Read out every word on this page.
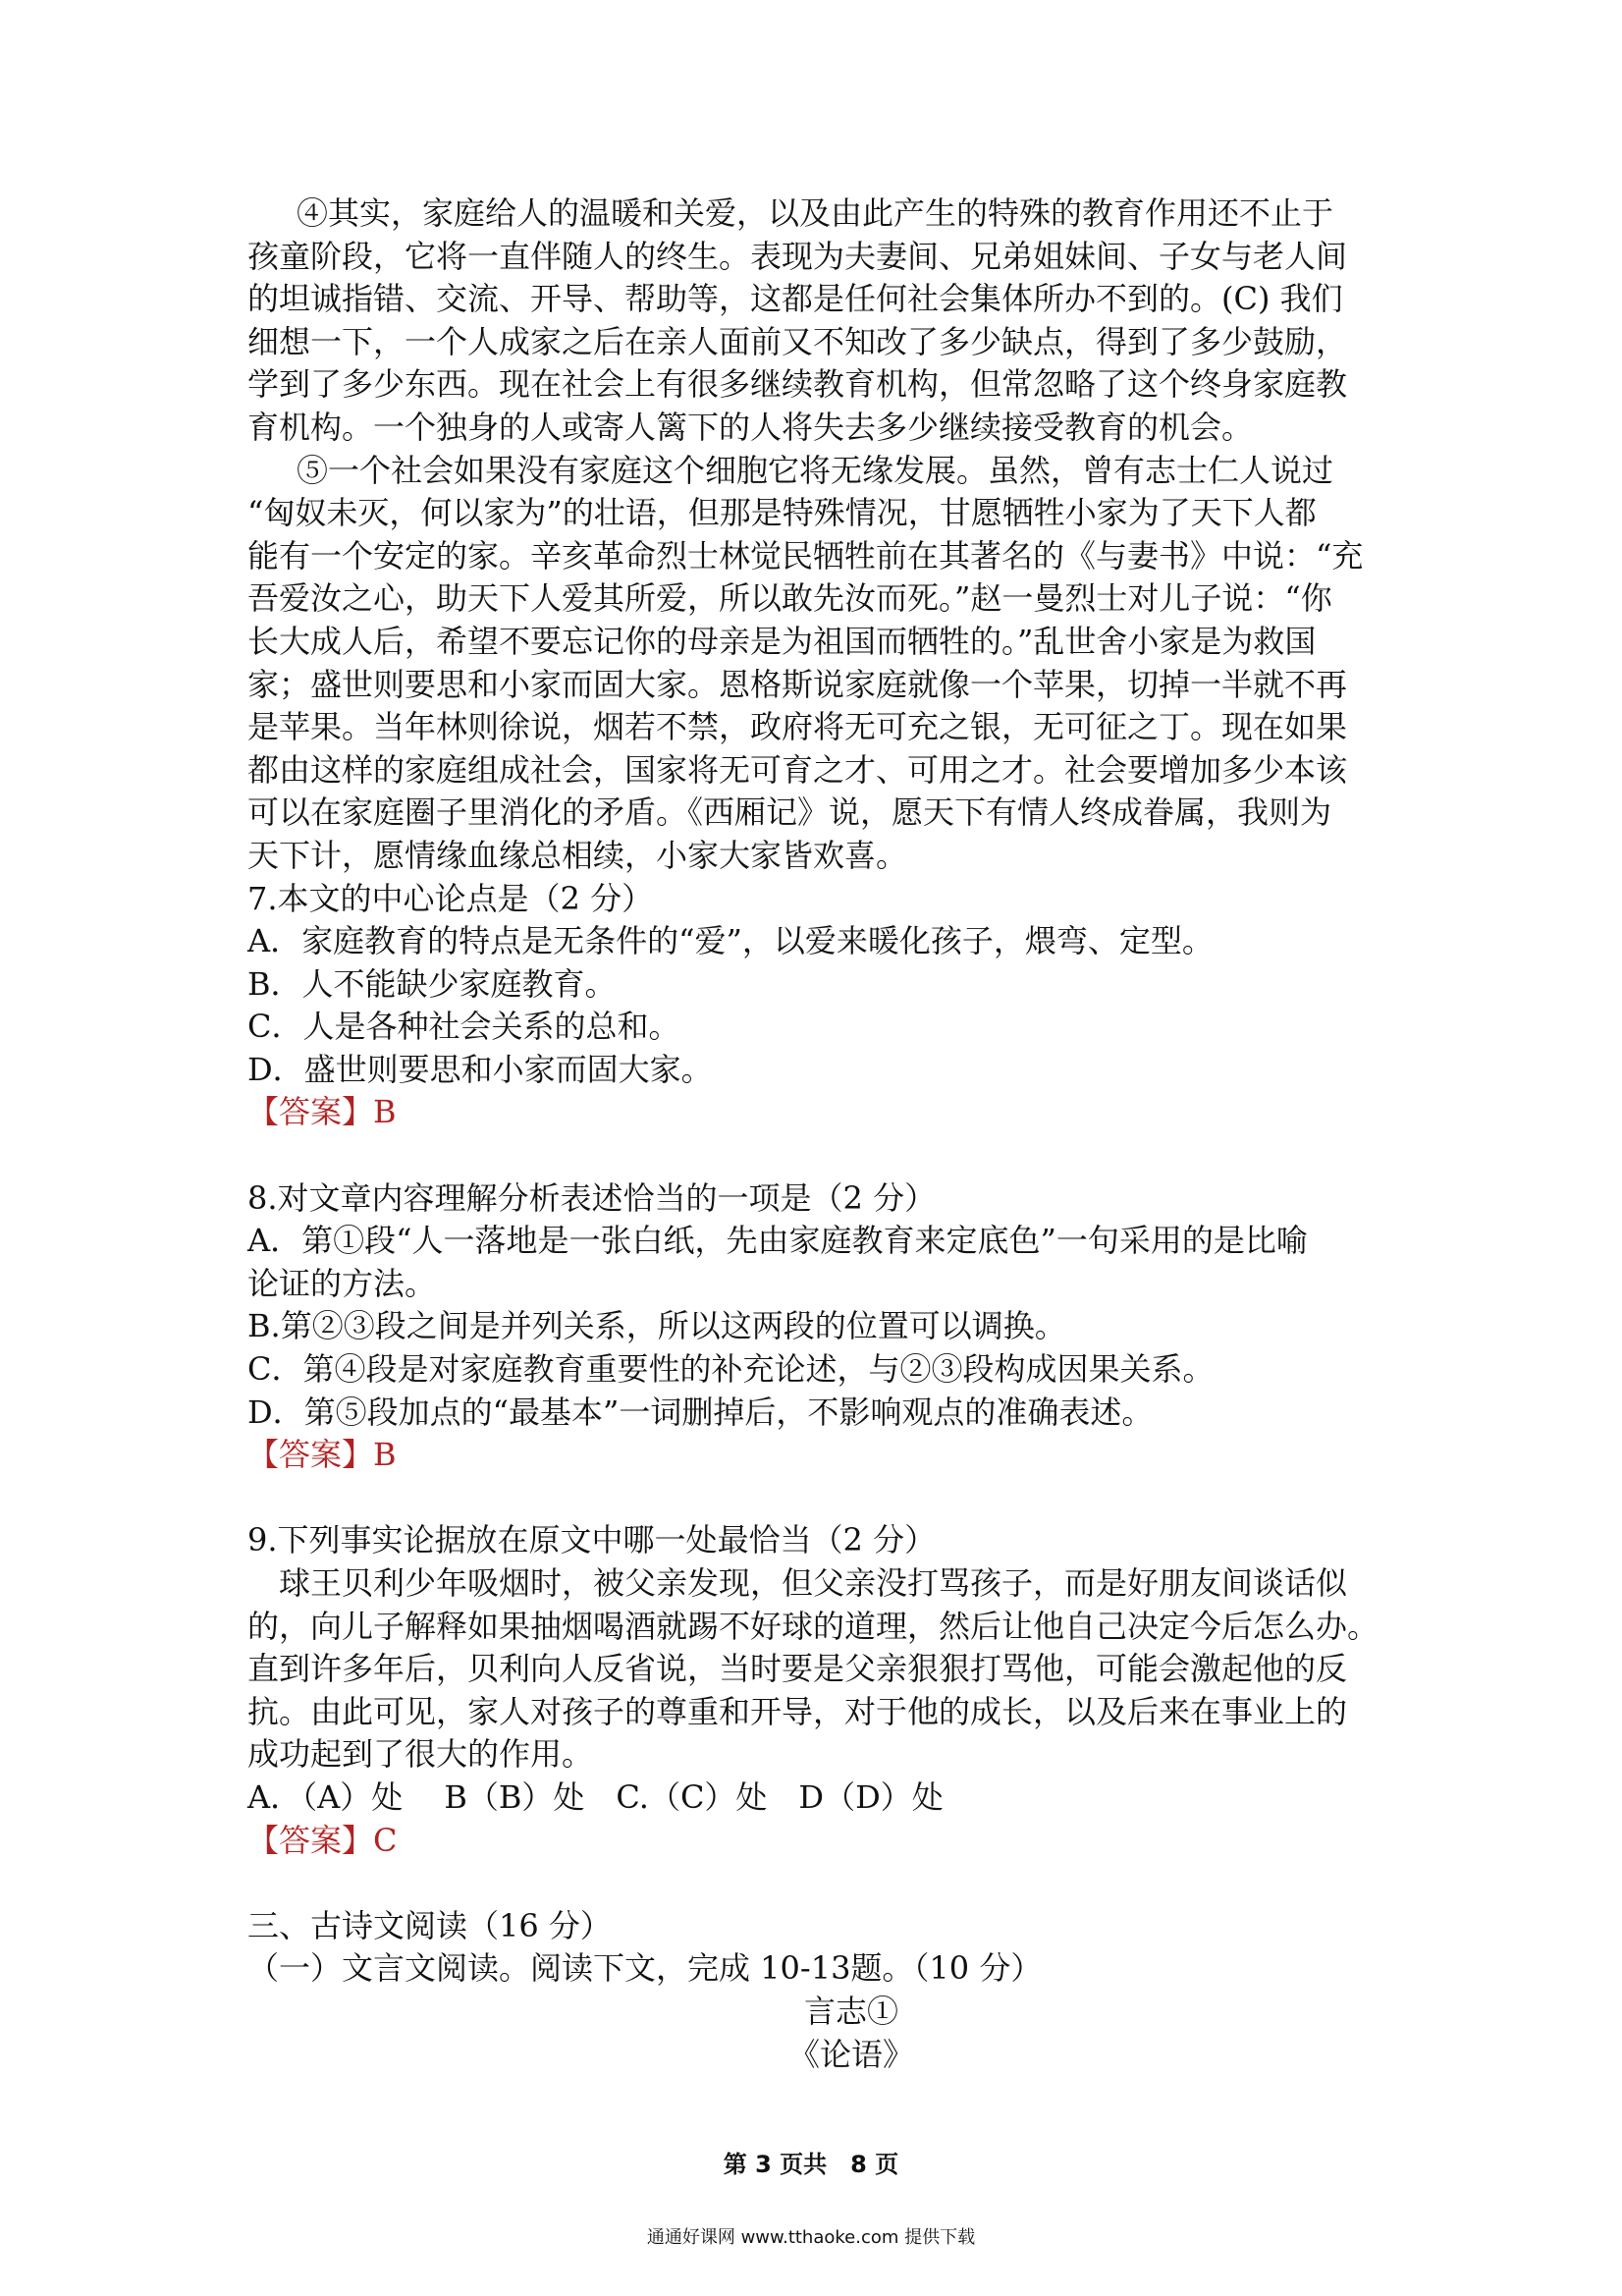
④其实，家庭给人的温暖和关爱，以及由此产生的特殊的教育作用还不止于
孩童阶段，它将一直伴随人的终生。表现为夫妻间、兄弟姐妹间、子女与老人间
的坦诚指错、交流、开导、帮助等，这都是任何社会集体所办不到的。(C) 我们
细想一下，一个人成家之后在亲人面前又不知改了多少缺点，得到了多少鼓励，
学到了多少东西。现在社会上有很多继续教育机构，但常忽略了这个终身家庭教
育机构。一个独身的人或寄人篱下的人将失去多少继续接受教育的机会。
⑤一个社会如果没有家庭这个细胞它将无缘发展。虽然，曾有志士仁人说过
“匈奴未灭，何以家为”的壮语，但那是特殊情况，甘愿牺牲小家为了天下人都
能有一个安定的家。辛亥革命烈士林觉民牺牲前在其著名的《与妻书》中说：“充
吾爱汝之心，助天下人爱其所爱，所以敢先汝而死。”赵一曼烈士对儿子说：“你
长大成人后，希望不要忘记你的母亲是为祖国而牺牲的。”乱世舍小家是为救国
家；盛世则要思和小家而固大家。恩格斯说家庭就像一个苹果，切掉一半就不再
是苹果。当年林则徐说，烟若不禁，政府将无可充之银，无可征之丁。现在如果
都由这样的家庭组成社会，国家将无可育之才、可用之才。社会要增加多少本该
可以在家庭圈子里消化的矛盾。《西厢记》说，愿天下有情人终成眷属，我则为
天下计，愿情缘血缘总相续，小家大家皆欢喜。
7.本文的中心论点是（2 分）
A．家庭教育的特点是无条件的“爱”，以爱来暖化孩子，煨弯、定型。
B．人不能缺少家庭教育。
C．人是各种社会关系的总和。
D．盛世则要思和小家而固大家。
【答案】B
8.对文章内容理解分析表述恰当的一项是（2 分）
A．第①段“人一落地是一张白纸，先由家庭教育来定底色”一句采用的是比喻
论证的方法。
B.第②③段之间是并列关系，所以这两段的位置可以调换。
C．第④段是对家庭教育重要性的补充论述，与②③段构成因果关系。
D．第⑤段加点的“最基本”一词删掉后，不影响观点的准确表述。
【答案】B
9.下列事实论据放在原文中哪一处最恰当（2 分）
球王贝利少年吸烟时，被父亲发现，但父亲没打骂孩子，而是好朋友间谈话似
的，向儿子解释如果抽烟喝酒就踢不好球的道理，然后让他自己决定今后怎么办。
直到许多年后，贝利向人反省说，当时要是父亲狠狠打骂他，可能会激起他的反
抗。由此可见，家人对孩子的尊重和开导，对于他的成长，以及后来在事业上的
成功起到了很大的作用。
A．（A）处　 B（B）处　C.（C）处　D（D）处
【答案】C
三、古诗文阅读（16 分）
（一）文言文阅读。阅读下文，完成 10-13题。（10 分）
言志①
《论语》
第 3 页共　8 页
通通好课网 www.tthaoke.com 提供下载
